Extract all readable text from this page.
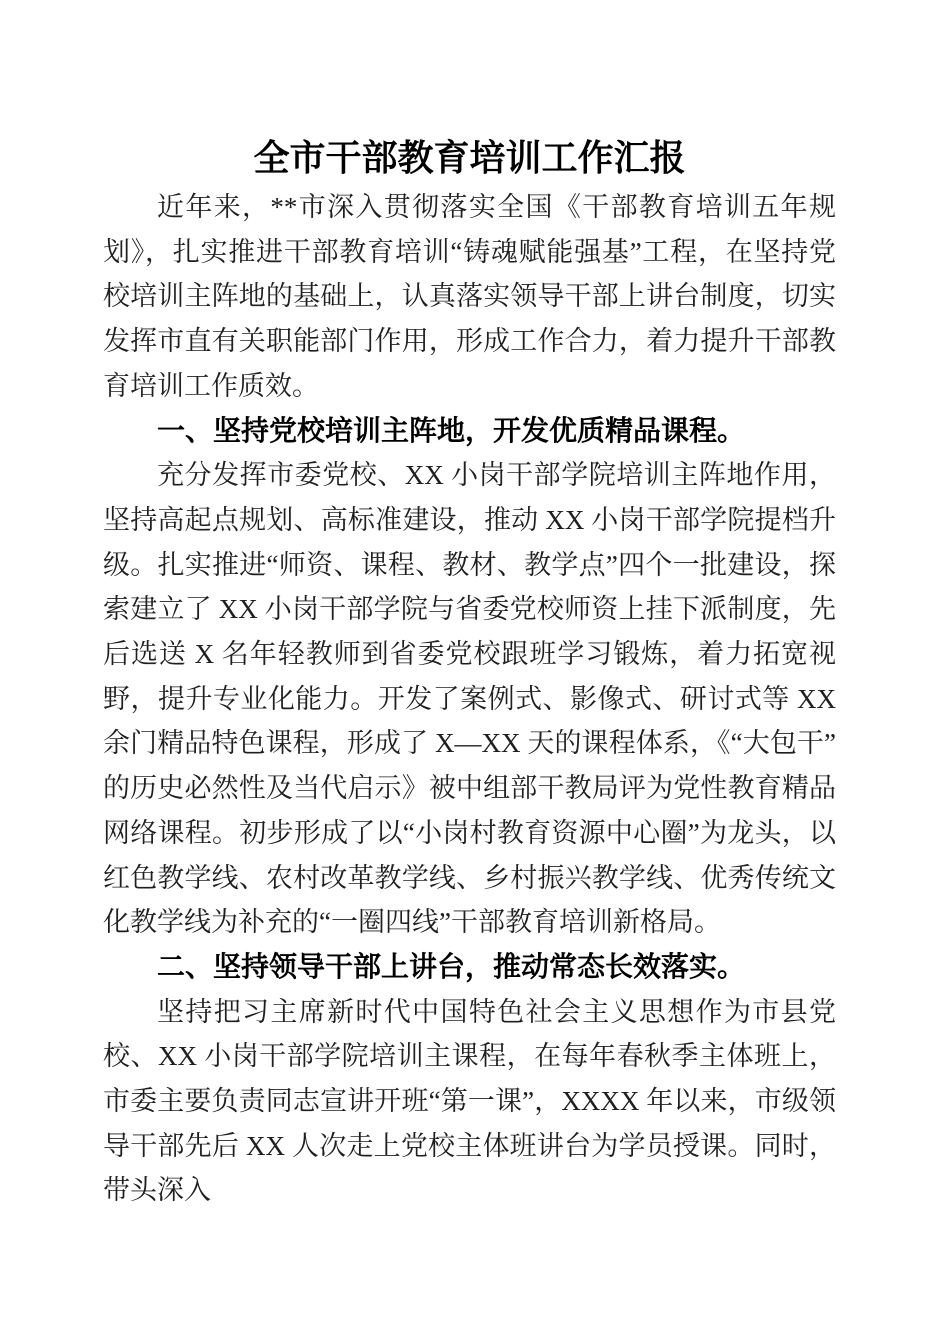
全市干部教育培训工作汇报

近年来，**市深入贯彻落实全国《干部教育培训五年规划》，扎实推进干部教育培训“铸魂赋能强基”工程，在坚持党校培训主阵地的基础上，认真落实领导干部上讲台制度，切实发挥市直有关职能部门作用，形成工作合力，着力提升干部教育培训工作质效。

一、坚持党校培训主阵地，开发优质精品课程。

充分发挥市委党校、XX 小岗干部学院培训主阵地作用，坚持高起点规划、高标准建设，推动 XX 小岗干部学院提档升级。扎实推进“师资、课程、教材、教学点”四个一批建设，探索建立了 XX 小岗干部学院与省委党校师资上挂下派制度，先后选送 X 名年轻教师到省委党校跟班学习锻炼，着力拓宽视野，提升专业化能力。开发了案例式、影像式、研讨式等 XX 余门精品特色课程，形成了 X—XX 天的课程体系，《“大包干”的历史必然性及当代启示》被中组部干教局评为党性教育精品网络课程。初步形成了以“小岗村教育资源中心圈”为龙头，以红色教学线、农村改革教学线、乡村振兴教学线、优秀传统文化教学线为补充的“一圈四线”干部教育培训新格局。

二、坚持领导干部上讲台，推动常态长效落实。

坚持把习主席新时代中国特色社会主义思想作为市县党校、XX 小岗干部学院培训主课程，在每年春秋季主体班上，市委主要负责同志宣讲开班“第一课”，XXXX 年以来，市级领导干部先后 XX 人次走上党校主体班讲台为学员授课。同时，带头深入
